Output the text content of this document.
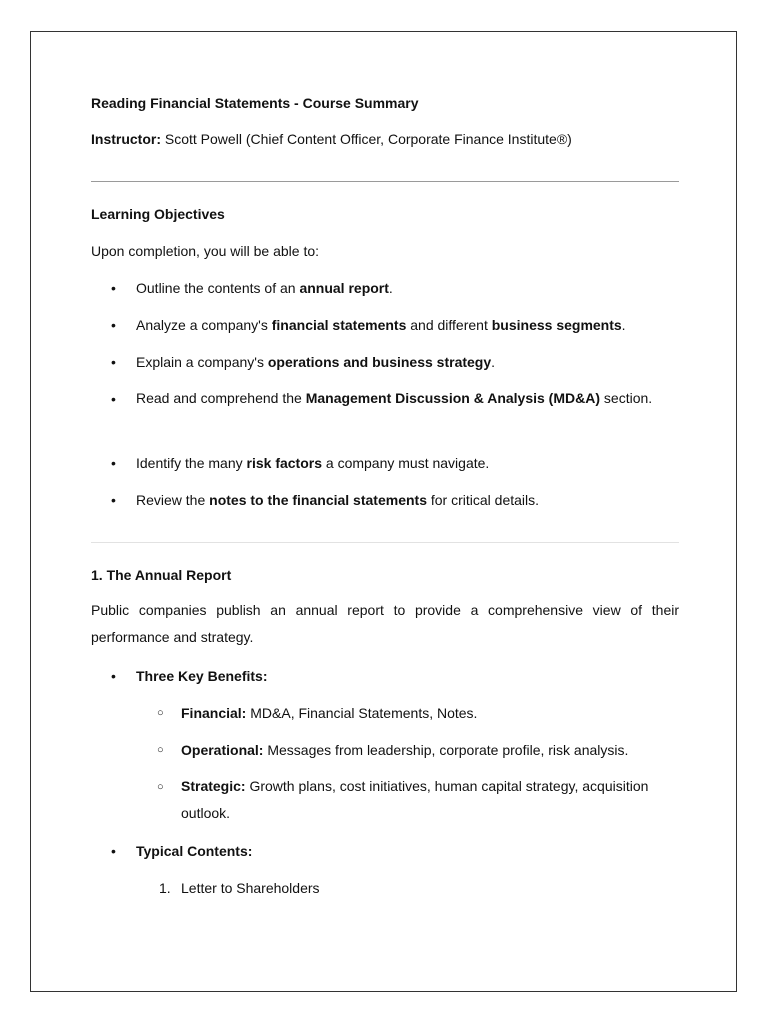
Reading Financial Statements - Course Summary
Instructor: Scott Powell (Chief Content Officer, Corporate Finance Institute®)
Learning Objectives
Upon completion, you will be able to:
• Outline the contents of an annual report.
• Analyze a company's financial statements and different business segments.
• Explain a company's operations and business strategy.
• Read and comprehend the Management Discussion & Analysis (MD&A) section.
• Identify the many risk factors a company must navigate.
• Review the notes to the financial statements for critical details.
1. The Annual Report
Public companies publish an annual report to provide a comprehensive view of their performance and strategy.
• Three Key Benefits:
○ Financial: MD&A, Financial Statements, Notes.
○ Operational: Messages from leadership, corporate profile, risk analysis.
○ Strategic: Growth plans, cost initiatives, human capital strategy, acquisition outlook.
• Typical Contents:
1. Letter to Shareholders
